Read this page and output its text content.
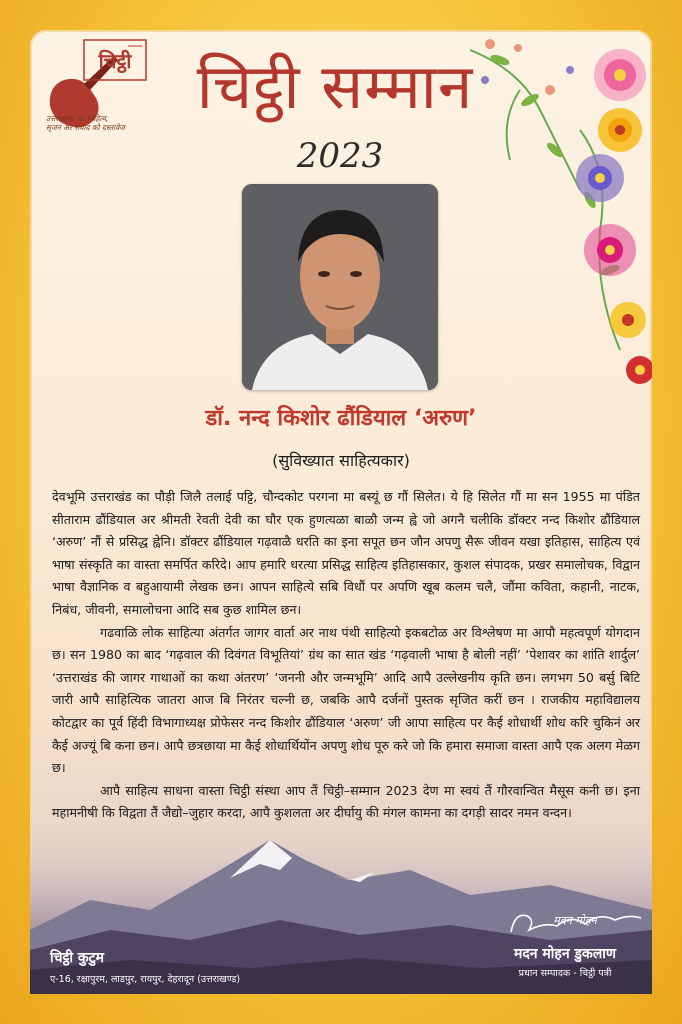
चिट्ठी
उत्तराखण्ड का साहित्य,
सृजन अर संवाद को दस्तावेज
चिट्ठी सम्मान
2023
डॉ. नन्द किशोर ढौंडियाल ‘अरुण’
(सुविख्यात साहित्यकार)

देवभूमि उत्तराखंड का पौड़ी जिलै तलाई पट्टि, चौन्दकोट परगना मा बस्यूं छ गौं सिलेत। ये हि सिलेत गौं मा सन 1955 मा पंडित सीताराम ढौंडियाल अर श्रीमती रेवती देवी का घौर एक हुणत्यळा बाळौ जन्म ह्वे जो अगनै चलीकि डॉक्टर नन्द किशोर ढौंडियाल ‘अरुण’ नौं से प्रसिद्ध ह्वेनि। डॉक्टर ढौंडियाल गढ़वाळै धरति का इना सपूत छन जौन अपणु सैरू जीवन यखा इतिहास, साहित्य एवं भाषा संस्कृति का वास्ता समर्पित करिदे। आप हमारि धरत्या प्रसिद्ध साहित्य इतिहासकार, कुशल संपादक, प्रखर समालोचक, विद्वान भाषा वैज्ञानिक व बहुआयामी लेखक छन। आपन साहित्ये सबि विधौं पर अपणि खूब कलम चलै, जौंमा कविता, कहानी, नाटक, निबंध, जीवनी, समालोचना आदि सब कुछ शामिल छन।

गढवाळि लोक साहित्या अंतर्गत जागर वार्ता अर नाथ पंथी साहित्यो इकबटोळ अर विश्लेषण मा आपौ महत्वपूर्ण योगदान छ। सन 1980 का बाद ‘गढ़वाल की दिवंगत विभूतियां’ ग्रंथ का सात खंड ‘गढ़वाली भाषा है बोली नहीं’ ‘पेशावर का शांति शार्दुल’ ‘उत्तराखंड की जागर गाथाओं का कथा अंतरण’ ‘जननी और जन्मभूमि’ आदि आपै उल्लेखनीय कृति छन। लगभग 50 बर्सु बिटि जारी आपै साहित्यिक जातरा आज बि निरंतर चल्नी छ, जबकि आपै दर्जनों पुस्तक सृजित करीं छन । राजकीय महाविद्यालय कोटद्वार का पूर्व हिंदी विभागाध्यक्ष प्रोफेसर नन्द किशोर ढौंडियाल ‘अरुण’ जी आपा साहित्य पर कैई शोधार्थी शोध करि चुकिनं अर कैई अज्यूं बि कना छन। आपै छत्रछाया मा कैई शोधार्थियोंन अपणु शोध पूरु करे जो कि हमारा समाजा वास्ता आपै एक अलग मेळग छ।

आपै साहित्य साधना वास्ता चिट्ठी संस्था आप तैं चिट्ठी–सम्मान 2023 देण मा स्वयं तैं गौरवान्वित मैसूस कनी छ। इना महामनीषी कि विद्वता तैं जैद्यो–जुहार करदा, आपै कुशलता अर दीर्घायु की मंगल कामना का दगड़ी सादर नमन वन्दन।

मदन मोहन
मदन मोहन डुकलाण
प्रधान सम्पादक - चिट्ठी पत्री
चिट्ठी कुटुम
ए-16, रक्षापुरम, लाडपुर, रायपुर, देहरादून (उत्तराखण्ड)
